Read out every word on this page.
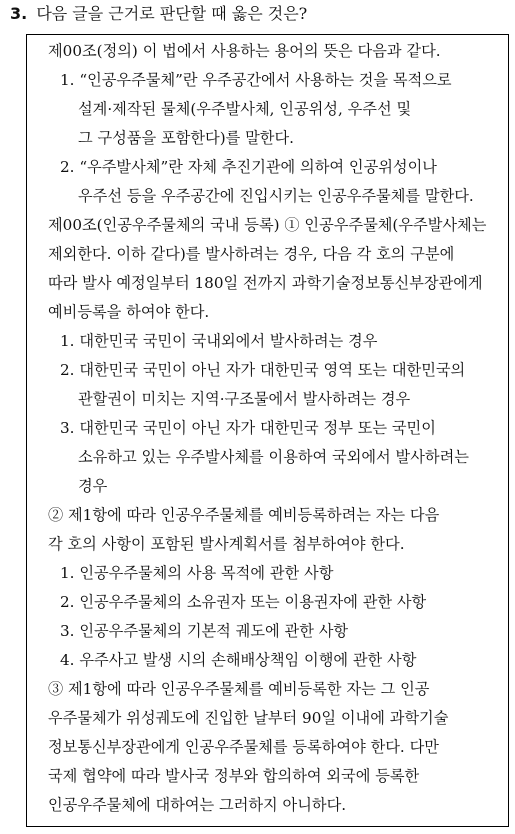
3. 다음 글을 근거로 판단할 때 옳은 것은?
제00조(정의) 이 법에서 사용하는 용어의 뜻은 다음과 같다.
1. “인공우주물체”란 우주공간에서 사용하는 것을 목적으로
설계·제작된 물체(우주발사체, 인공위성, 우주선 및
그 구성품을 포함한다)를 말한다.
2. “우주발사체”란 자체 추진기관에 의하여 인공위성이나
우주선 등을 우주공간에 진입시키는 인공우주물체를 말한다.
제00조(인공우주물체의 국내 등록) ① 인공우주물체(우주발사체는
제외한다. 이하 같다)를 발사하려는 경우, 다음 각 호의 구분에
따라 발사 예정일부터 180일 전까지 과학기술정보통신부장관에게
예비등록을 하여야 한다.
1. 대한민국 국민이 국내외에서 발사하려는 경우
2. 대한민국 국민이 아닌 자가 대한민국 영역 또는 대한민국의
관할권이 미치는 지역·구조물에서 발사하려는 경우
3. 대한민국 국민이 아닌 자가 대한민국 정부 또는 국민이
소유하고 있는 우주발사체를 이용하여 국외에서 발사하려는
경우
② 제1항에 따라 인공우주물체를 예비등록하려는 자는 다음
각 호의 사항이 포함된 발사계획서를 첨부하여야 한다.
1. 인공우주물체의 사용 목적에 관한 사항
2. 인공우주물체의 소유권자 또는 이용권자에 관한 사항
3. 인공우주물체의 기본적 궤도에 관한 사항
4. 우주사고 발생 시의 손해배상책임 이행에 관한 사항
③ 제1항에 따라 인공우주물체를 예비등록한 자는 그 인공
우주물체가 위성궤도에 진입한 날부터 90일 이내에 과학기술
정보통신부장관에게 인공우주물체를 등록하여야 한다. 다만
국제 협약에 따라 발사국 정부와 합의하여 외국에 등록한
인공우주물체에 대하여는 그러하지 아니하다.
